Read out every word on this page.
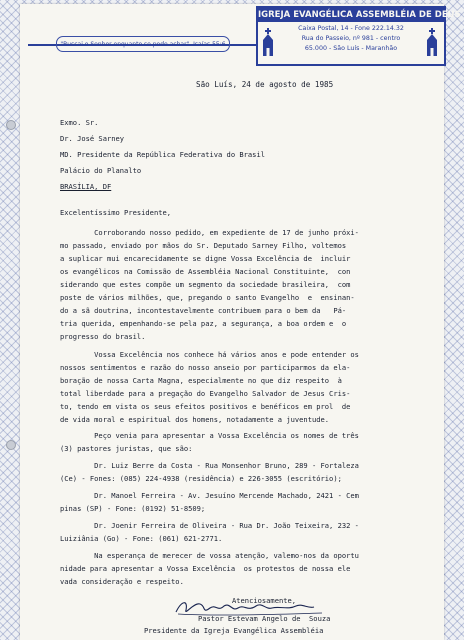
"Buscai o Senhor enquanto se pode achar". Isaías 55:6
IGREJA EVANGÉLICA ASSEMBLÉIA DE DEUS
Caixa Postal, 14 - Fone 222.14.32
Rua do Passeio, nº 981 - centro
65.000 - São Luís - Maranhão
São Luís, 24 de agosto de 1985
Exmo. Sr.
Dr. José Sarney
MD. Presidente da República Federativa do Brasil
Palácio do Planalto
BRASÍLIA, DF
Excelentíssimo Presidente,
Corroborando nosso pedido, em expediente de 17 de junho próxi-
mo passado, enviado por mãos do Sr. Deputado Sarney Filho, voltemos
a suplicar mui encarecidamente se digne Vossa Excelência de  incluir
os evangélicos na Comissão de Assembléia Nacional Constituinte,  con
siderando que estes compõe um segmento da sociedade brasileira,  com
poste de vários milhões, que, pregando o santo Evangelho  e  ensinan-
do a sã doutrina, incontestavelmente contribuem para o bem da   Pá-
tria querida, empenhando-se pela paz, a segurança, a boa ordem e  o
progresso do brasil.
Vossa Excelência nos conhece há vários anos e pode entender os
nossos sentimentos e razão do nosso anseio por participarmos da ela-
boração de nossa Carta Magna, especialmente no que diz respeito  à
total liberdade para a pregação do Evangelho Salvador de Jesus Cris-
to, tendo em vista os seus efeitos positivos e benéficos em prol  de
de vida moral e espiritual dos homens, notadamente a juventude.
Peço venia para apresentar a Vossa Excelência os nomes de três
(3) pastores juristas, que são:
Dr. Luiz Berre da Costa - Rua Monsenhor Bruno, 289 - Fortaleza
(Ce) - Fones: (085) 224-4938 (residência) e 226-3055 (escritório);
Dr. Manoel Ferreira - Av. Jesuíno Mercende Machado, 2421 - Cem
pinas (SP) - Fone: (0192) 51-8509;
Dr. Joenir Ferreira de Oliveira - Rua Dr. João Teixeira, 232 -
Luiziânia (Go) - Fone: (061) 621-2771.
Na esperança de merecer de vossa atenção, valemo-nos da oportu
nidade para apresentar a Vossa Excelência  os protestos de nossa ele
vada consideração e respeito.
Atenciosamente,
Pastor Estevam Angelo de  Souza
Presidente da Igreja Evangélica Assembléia
